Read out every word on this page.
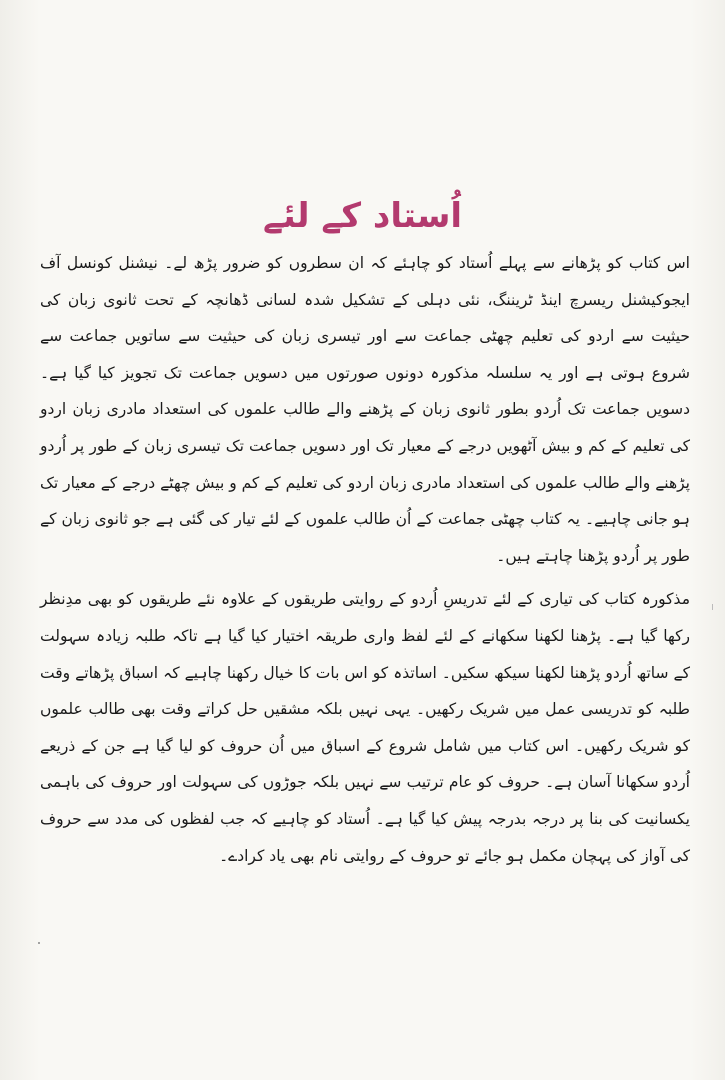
اُستاد کے لئے

اس کتاب کو پڑھانے سے پہلے اُستاد کو چاہئے کہ ان سطروں کو ضرور پڑھ لے۔ نیشنل کونسل آف ایجوکیشنل ریسرچ اینڈ ٹریننگ، نئی دہلی کے تشکیل شدہ لسانی ڈھانچہ کے تحت ثانوی زبان کی حیثیت سے اردو کی تعلیم چھٹی جماعت سے اور تیسری زبان کی حیثیت سے ساتویں جماعت سے شروع ہوتی ہے اور یہ سلسلہ مذکورہ دونوں صورتوں میں دسویں جماعت تک تجویز کیا گیا ہے۔ دسویں جماعت تک اُردو بطور ثانوی زبان کے پڑھنے والے طالب علموں کی استعداد مادری زبان اردو کی تعلیم کے کم و بیش آٹھویں درجے کے معیار تک اور دسویں جماعت تک تیسری زبان کے طور پر اُردو پڑھنے والے طالب علموں کی استعداد مادری زبان اردو کی تعلیم کے کم و بیش چھٹے درجے کے معیار تک ہو جانی چاہیے۔ یہ کتاب چھٹی جماعت کے اُن طالب علموں کے لئے تیار کی گئی ہے جو ثانوی زبان کے طور پر اُردو پڑھنا چاہتے ہیں۔

مذکورہ کتاب کی تیاری کے لئے تدریسِ اُردو کے روایتی طریقوں کے علاوہ نئے طریقوں کو بھی مدِنظر رکھا گیا ہے۔ پڑھنا لکھنا سکھانے کے لئے لفظ واری طریقہ اختیار کیا گیا ہے تاکہ طلبہ زیادہ سہولت کے ساتھ اُردو پڑھنا لکھنا سیکھ سکیں۔ اساتذہ کو اس بات کا خیال رکھنا چاہیے کہ اسباق پڑھاتے وقت طلبہ کو تدریسی عمل میں شریک رکھیں۔ یہی نہیں بلکہ مشقیں حل کراتے وقت بھی طالب علموں کو شریک رکھیں۔ اس کتاب میں شامل شروع کے اسباق میں اُن حروف کو لیا گیا ہے جن کے ذریعے اُردو سکھانا آسان ہے۔ حروف کو عام ترتیب سے نہیں بلکہ جوڑوں کی سہولت اور حروف کی باہمی یکسانیت کی بنا پر درجہ بدرجہ پیش کیا گیا ہے۔ اُستاد کو چاہیے کہ جب لفظوں کی مدد سے حروف کی آواز کی پہچان مکمل ہو جائے تو حروف کے روایتی نام بھی یاد کرادے۔
